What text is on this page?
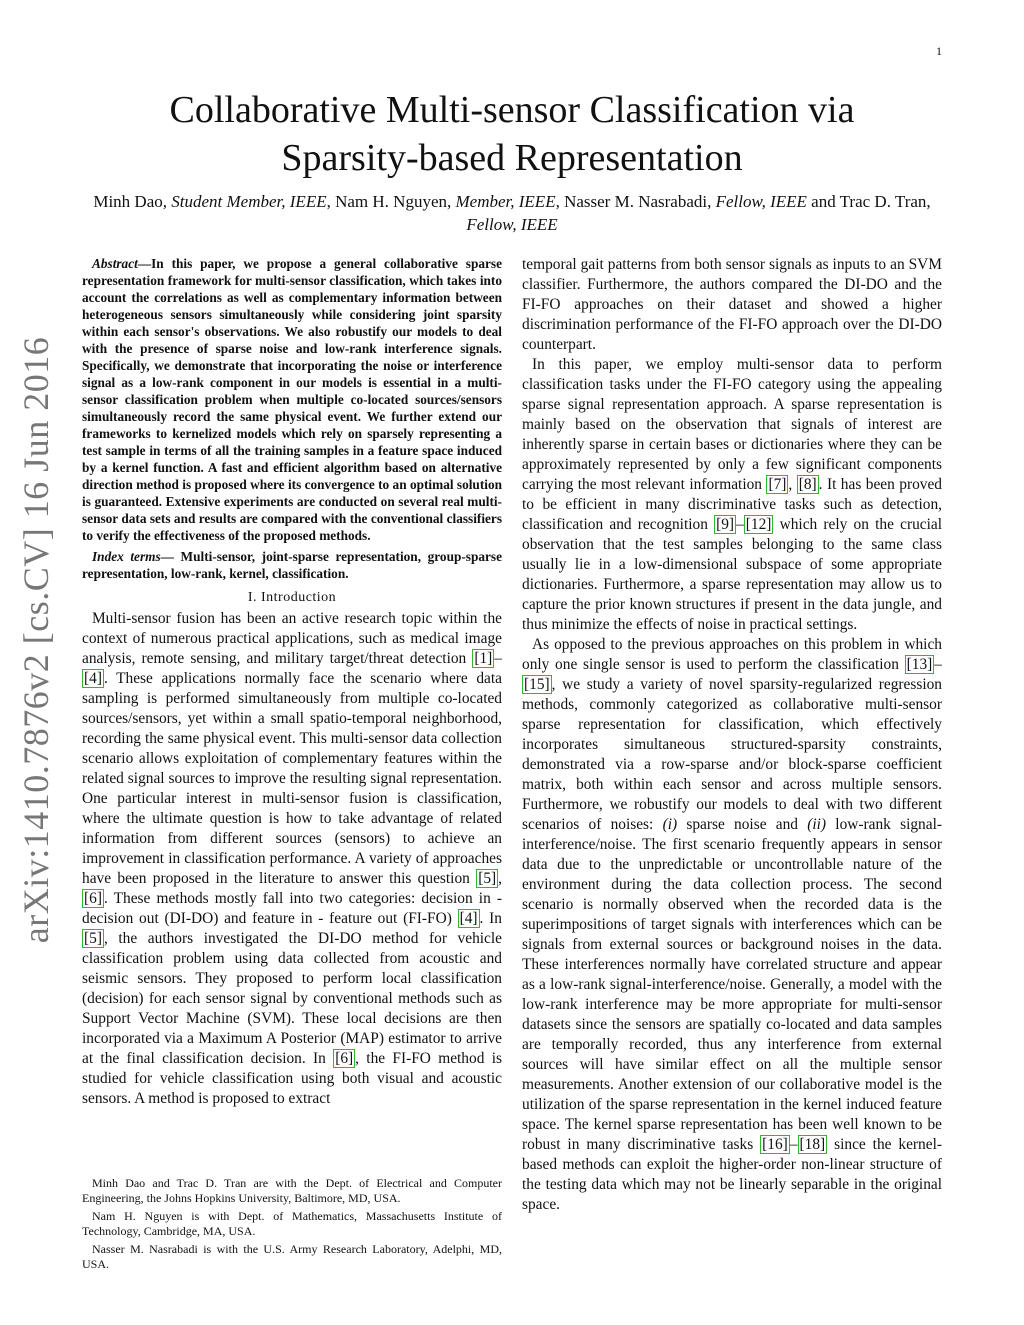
1
arXiv:1410.7876v2 [cs.CV] 16 Jun 2016
Collaborative Multi-sensor Classification via
Sparsity-based Representation
Minh Dao, Student Member, IEEE, Nam H. Nguyen, Member, IEEE, Nasser M. Nasrabadi, Fellow, IEEE and Trac D. Tran, Fellow, IEEE

Abstract—In this paper, we propose a general collaborative sparse representation framework for multi-sensor classification, which takes into account the correlations as well as complementary information between heterogeneous sensors simultaneously while considering joint sparsity within each sensor's observations. We also robustify our models to deal with the presence of sparse noise and low-rank interference signals. Specifically, we demonstrate that incorporating the noise or interference signal as a low-rank component in our models is essential in a multi-sensor classification problem when multiple co-located sources/sensors simultaneously record the same physical event. We further extend our frameworks to kernelized models which rely on sparsely representing a test sample in terms of all the training samples in a feature space induced by a kernel function. A fast and efficient algorithm based on alternative direction method is proposed where its convergence to an optimal solution is guaranteed. Extensive experiments are conducted on several real multi-sensor data sets and results are compared with the conventional classifiers to verify the effectiveness of the proposed methods.

Index terms— Multi-sensor, joint-sparse representation, group-sparse representation, low-rank, kernel, classification.

I. Introduction

Multi-sensor fusion has been an active research topic within the context of numerous practical applications, such as medical image analysis, remote sensing, and military target/threat detection [1] –[4] . These applications normally face the scenario where data sampling is performed simultaneously from multiple co-located sources/sensors, yet within a small spatio-temporal neighborhood, recording the same physical event. This multi-sensor data collection scenario allows exploitation of complementary features within the related signal sources to improve the resulting signal representation. One particular interest in multi-sensor fusion is classification, where the ultimate question is how to take advantage of related information from different sources (sensors) to achieve an improvement in classification performance. A variety of approaches have been proposed in the literature to answer this question [5] , [6] . These methods mostly fall into two categories: decision in - decision out (DI-DO) and feature in - feature out (FI-FO) [4] . In [5] , the authors investigated the DI-DO method for vehicle classification problem using data collected from acoustic and seismic sensors. They proposed to perform local classification (decision) for each sensor signal by conventional methods such as Support Vector Machine (SVM). These local decisions are then incorporated via a Maximum A Posterior (MAP) estimator to arrive at the final classification decision. In [6] , the FI-FO method is studied for vehicle classification using both visual and acoustic sensors. A method is proposed to extract

Minh Dao and Trac D. Tran are with the Dept. of Electrical and Computer Engineering, the Johns Hopkins University, Baltimore, MD, USA.

Nam H. Nguyen is with Dept. of Mathematics, Massachusetts Institute of Technology, Cambridge, MA, USA.

Nasser M. Nasrabadi is with the U.S. Army Research Laboratory, Adelphi, MD, USA.

temporal gait patterns from both sensor signals as inputs to an SVM classifier. Furthermore, the authors compared the DI-DO and the FI-FO approaches on their dataset and showed a higher discrimination performance of the FI-FO approach over the DI-DO counterpart.

In this paper, we employ multi-sensor data to perform classification tasks under the FI-FO category using the appealing sparse signal representation approach. A sparse representation is mainly based on the observation that signals of interest are inherently sparse in certain bases or dictionaries where they can be approximately represented by only a few significant components carrying the most relevant information [7] , [8] . It has been proved to be efficient in many discriminative tasks such as detection, classification and recognition [9] – [12] which rely on the crucial observation that the test samples belonging to the same class usually lie in a low-dimensional subspace of some appropriate dictionaries. Furthermore, a sparse representation may allow us to capture the prior known structures if present in the data jungle, and thus minimize the effects of noise in practical settings.

As opposed to the previous approaches on this problem in which only one single sensor is used to perform the classification [13] –[15] , we study a variety of novel sparsity-regularized regression methods, commonly categorized as collaborative multi-sensor sparse representation for classification, which effectively incorporates simultaneous structured-sparsity constraints, demonstrated via a row-sparse and/or block-sparse coefficient matrix, both within each sensor and across multiple sensors. Furthermore, we robustify our models to deal with two different scenarios of noises: (i) sparse noise and (ii) low-rank signal-interference/noise. The first scenario frequently appears in sensor data due to the unpredictable or uncontrollable nature of the environment during the data collection process. The second scenario is normally observed when the recorded data is the superimpositions of target signals with interferences which can be signals from external sources or background noises in the data. These interferences normally have correlated structure and appear as a low-rank signal-interference/noise. Generally, a model with the low-rank interference may be more appropriate for multi-sensor datasets since the sensors are spatially co-located and data samples are temporally recorded, thus any interference from external sources will have similar effect on all the multiple sensor measurements. Another extension of our collaborative model is the utilization of the sparse representation in the kernel induced feature space. The kernel sparse representation has been well known to be robust in many discriminative tasks [16] – [18] since the kernel-based methods can exploit the higher-order non-linear structure of the testing data which may not be linearly separable in the original space.
